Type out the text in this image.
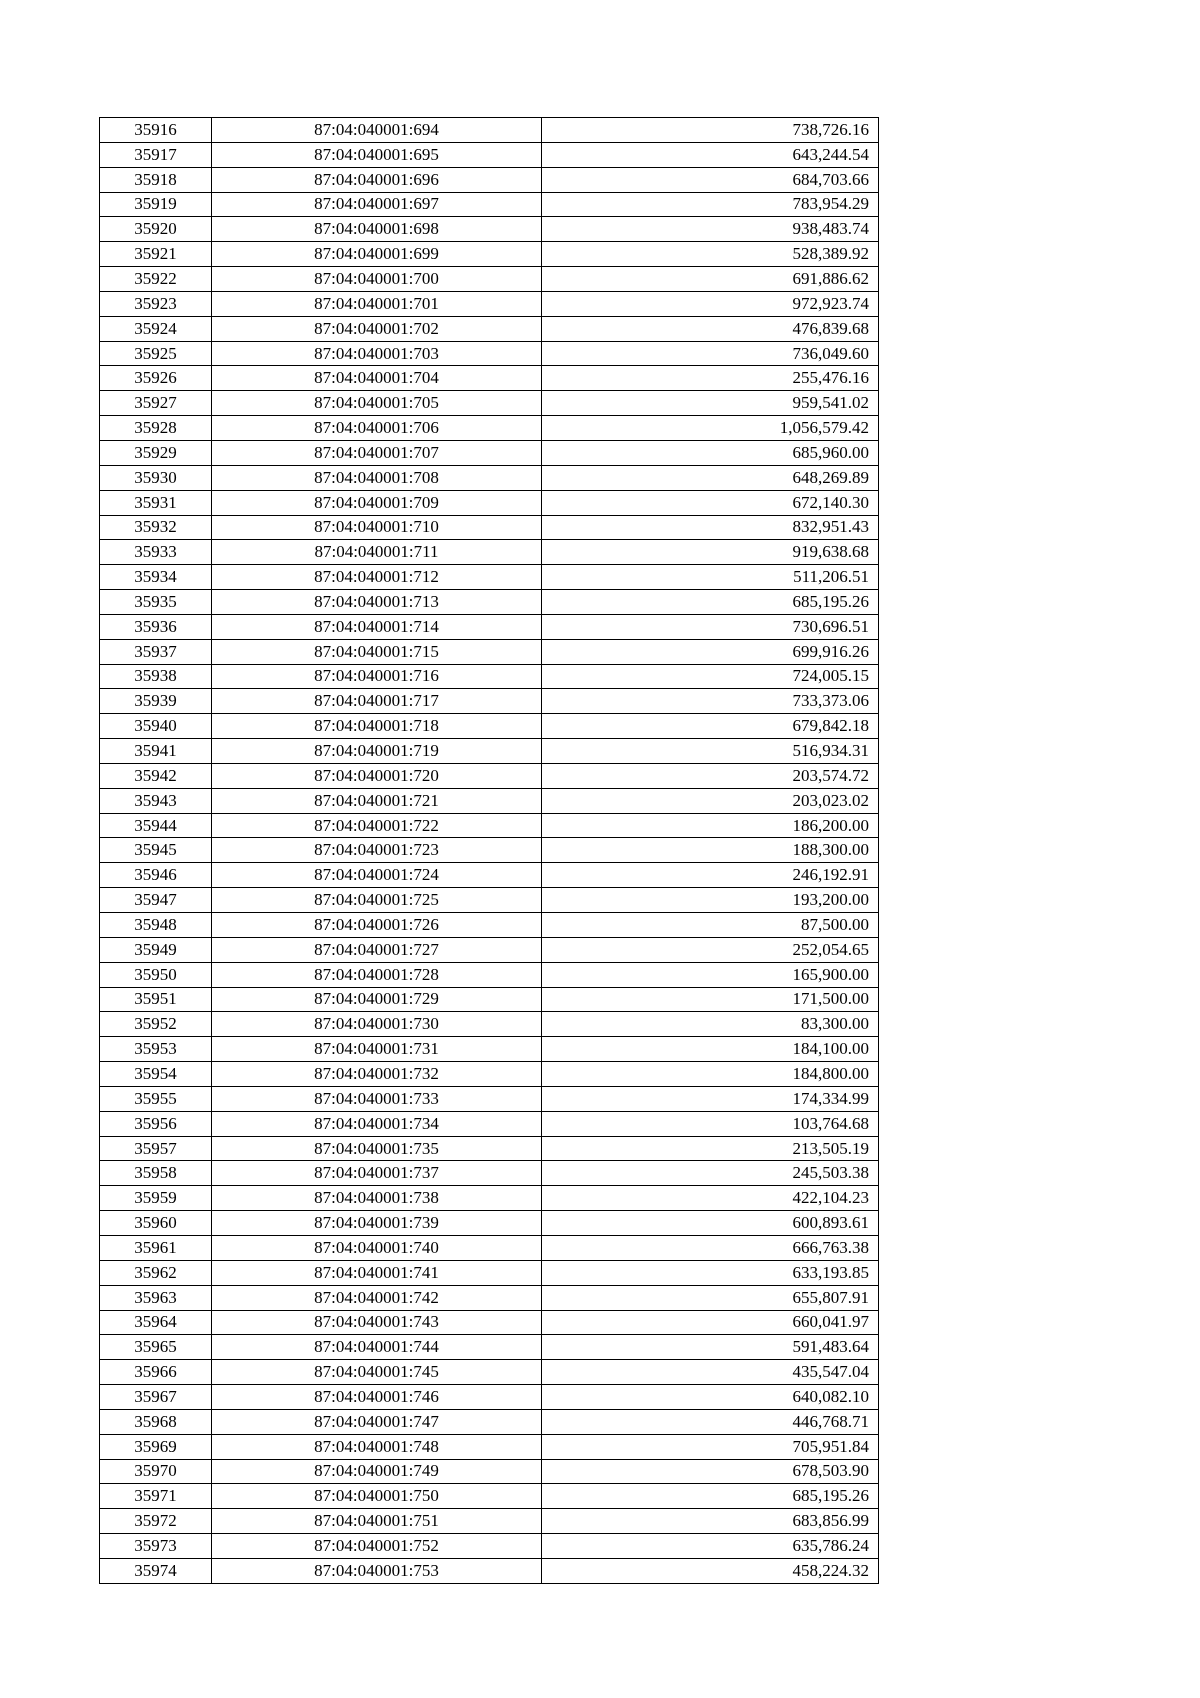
35916	87:04:040001:694	738,726.16
35917	87:04:040001:695	643,244.54
35918	87:04:040001:696	684,703.66
35919	87:04:040001:697	783,954.29
35920	87:04:040001:698	938,483.74
35921	87:04:040001:699	528,389.92
35922	87:04:040001:700	691,886.62
35923	87:04:040001:701	972,923.74
35924	87:04:040001:702	476,839.68
35925	87:04:040001:703	736,049.60
35926	87:04:040001:704	255,476.16
35927	87:04:040001:705	959,541.02
35928	87:04:040001:706	1,056,579.42
35929	87:04:040001:707	685,960.00
35930	87:04:040001:708	648,269.89
35931	87:04:040001:709	672,140.30
35932	87:04:040001:710	832,951.43
35933	87:04:040001:711	919,638.68
35934	87:04:040001:712	511,206.51
35935	87:04:040001:713	685,195.26
35936	87:04:040001:714	730,696.51
35937	87:04:040001:715	699,916.26
35938	87:04:040001:716	724,005.15
35939	87:04:040001:717	733,373.06
35940	87:04:040001:718	679,842.18
35941	87:04:040001:719	516,934.31
35942	87:04:040001:720	203,574.72
35943	87:04:040001:721	203,023.02
35944	87:04:040001:722	186,200.00
35945	87:04:040001:723	188,300.00
35946	87:04:040001:724	246,192.91
35947	87:04:040001:725	193,200.00
35948	87:04:040001:726	87,500.00
35949	87:04:040001:727	252,054.65
35950	87:04:040001:728	165,900.00
35951	87:04:040001:729	171,500.00
35952	87:04:040001:730	83,300.00
35953	87:04:040001:731	184,100.00
35954	87:04:040001:732	184,800.00
35955	87:04:040001:733	174,334.99
35956	87:04:040001:734	103,764.68
35957	87:04:040001:735	213,505.19
35958	87:04:040001:737	245,503.38
35959	87:04:040001:738	422,104.23
35960	87:04:040001:739	600,893.61
35961	87:04:040001:740	666,763.38
35962	87:04:040001:741	633,193.85
35963	87:04:040001:742	655,807.91
35964	87:04:040001:743	660,041.97
35965	87:04:040001:744	591,483.64
35966	87:04:040001:745	435,547.04
35967	87:04:040001:746	640,082.10
35968	87:04:040001:747	446,768.71
35969	87:04:040001:748	705,951.84
35970	87:04:040001:749	678,503.90
35971	87:04:040001:750	685,195.26
35972	87:04:040001:751	683,856.99
35973	87:04:040001:752	635,786.24
35974	87:04:040001:753	458,224.32
